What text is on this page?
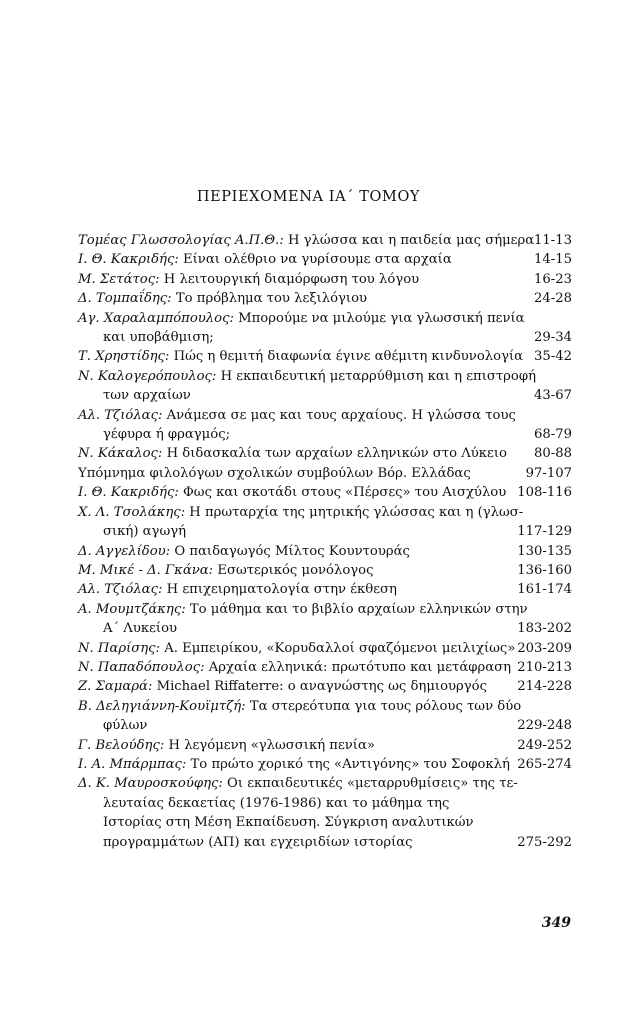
ΠΕΡΙΕΧΟΜΕΝΑ ΙΑ΄ ΤΟΜΟΥ
Τομέας Γλωσσολογίας Α.Π.Θ.: Η γλώσσα και η παιδεία μας σήμερα 11-13
Ι. Θ. Κακριδής: Είναι ολέθριο να γυρίσουμε στα αρχαία	14-15
Μ. Σετάτος: Η λειτουργική διαμόρφωση του λόγου	16-23
Δ. Τομπαΐδης: Το πρόβλημα του λεξιλόγιου	24-28
Αγ. Χαραλαμπόπουλος: Μπορούμε να μιλούμε για γλωσσική πενία
και υποβάθμιση;	29-34
Τ. Χρηστίδης: Πώς η θεμιτή διαφωνία έγινε αθέμιτη κινδυνολογία 35-42
Ν. Καλογερόπουλος: Η εκπαιδευτική μεταρρύθμιση και η επιστροφή
των αρχαίων	43-67
Αλ. Τζιόλας: Ανάμεσα σε μας και τους αρχαίους. Η γλώσσα τους
γέφυρα ή φραγμός;	68-79
Ν. Κάκαλος: Η διδασκαλία των αρχαίων ελληνικών στο Λύκειο 80-88
Υπόμνημα φιλολόγων σχολικών συμβούλων Βόρ. Ελλάδας	97-107
Ι. Θ. Κακριδής: Φως και σκοτάδι στους «Πέρσες» του Αισχύλου 108-116
Χ. Λ. Τσολάκης: Η πρωταρχία της μητρικής γλώσσας και η (γλωσ-
σική) αγωγή	117-129
Δ. Αγγελίδου: Ο παιδαγωγός Μίλτος Κουντουράς	130-135
Μ. Μικέ - Δ. Γκάνα: Εσωτερικός μονόλογος	136-160
Αλ. Τζιόλας: Η επιχειρηματολογία στην έκθεση	161-174
Α. Μουμτζάκης: Το μάθημα και το βιβλίο αρχαίων ελληνικών στην
Α΄ Λυκείου	183-202
Ν. Παρίσης: Α. Εμπειρίκου, «Κορυδαλλοί σφαζόμενοι μειλιχίως» 203-209
Ν. Παπαδόπουλος: Αρχαία ελληνικά: πρωτότυπο και μετάφραση 210-213
Ζ. Σαμαρά: Michael Riffaterre: ο αναγνώστης ως δημιουργός	214-228
Β. Δεληγιάννη-Κουϊμτζή: Τα στερεότυπα για τους ρόλους των δύο
φύλων	229-248
Γ. Βελούδης: Η λεγόμενη «γλωσσική πενία»	249-252
Ι. Α. Μπάρμπας: Το πρώτο χορικό της «Αντιγόνης» του Σοφοκλή 265-274
Δ. Κ. Μαυροσκούφης: Οι εκπαιδευτικές «μεταρρυθμίσεις» της τε-
λευταίας δεκαετίας (1976-1986) και το μάθημα της
Ιστορίας στη Μέση Εκπαίδευση. Σύγκριση αναλυτικών
προγραμμάτων (ΑΠ) και εγχειριδίων ιστορίας	275-292
349
